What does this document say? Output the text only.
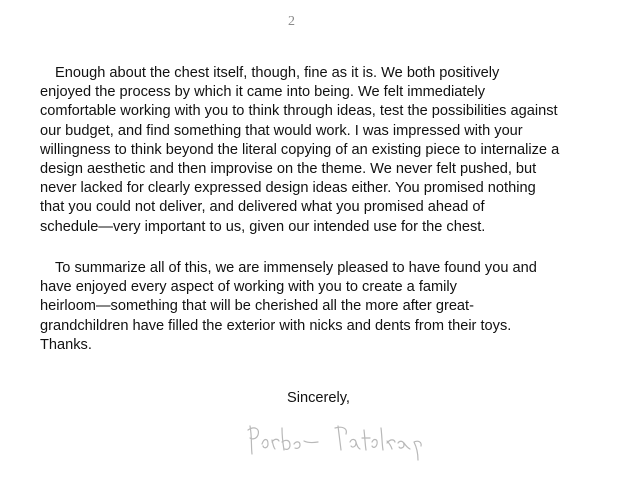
2

Enough about the chest itself, though, fine as it is. We both positively
enjoyed the process by which it came into being. We felt immediately
comfortable working with you to think through ideas, test the possibilities against
our budget, and find something that would work. I was impressed with your
willingness to think beyond the literal copying of an existing piece to internalize a
design aesthetic and then improvise on the theme. We never felt pushed, but
never lacked for clearly expressed design ideas either. You promised nothing
that you could not deliver, and delivered what you promised ahead of
schedule—very important to us, given our intended use for the chest.

To summarize all of this, we are immensely pleased to have found you and
have enjoyed every aspect of working with you to create a family
heirloom—something that will be cherished all the more after great-
grandchildren have filled the exterior with nicks and dents from their toys.
Thanks.

Sincerely,
